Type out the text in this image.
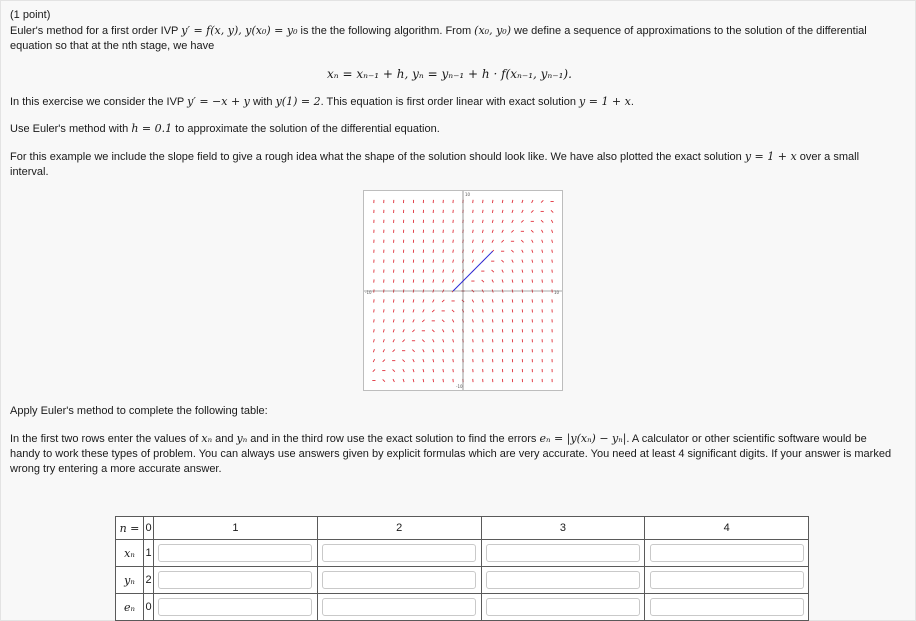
(1 point)
Euler's method for a first order IVP y′ = f(x, y), y(x₀) = y₀ is the the following algorithm. From (x₀, y₀) we define a sequence of approximations to the solution of the differential
equation so that at the nth stage, we have
xₙ = xₙ₋₁ + h, yₙ = yₙ₋₁ + h · f(xₙ₋₁, yₙ₋₁).
In this exercise we consider the IVP y′ = −x + y with y(1) = 2. This equation is first order linear with exact solution y = 1 + x.
Use Euler's method with h = 0.1 to approximate the solution of the differential equation.
For this example we include the slope field to give a rough idea what the shape of the solution should look like. We have also plotted the exact solution y = 1 + x over a small
interval.
10
-10
-10	10
Apply Euler's method to complete the following table:
In the first two rows enter the values of xₙ and yₙ and in the third row use the exact solution to find the errors eₙ = |y(xₙ) − yₙ|. A calculator or other scientific software would be
handy to work these types of problem. You can always use answers given by explicit formulas which are very accurate. You need at least 4 significant digits. If your answer is marked
wrong try entering a more accurate answer.
n =	0	1	2	3	4
xₙ	1	

yₙ	2	

eₙ	0	
